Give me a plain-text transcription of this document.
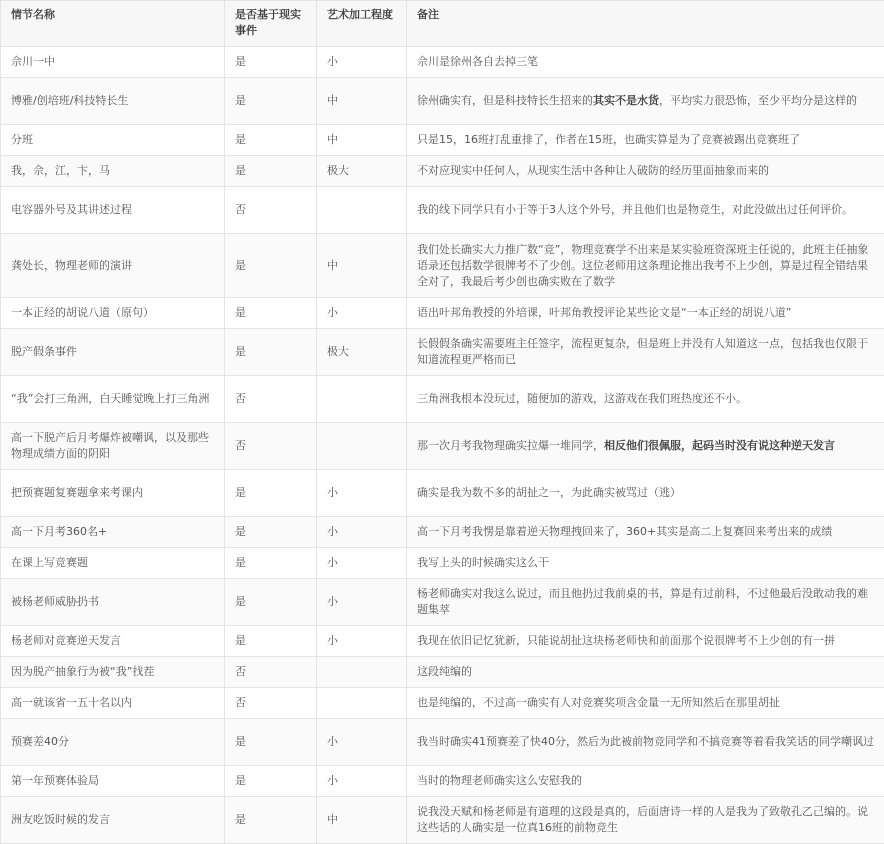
情节名称	是否基于现实事件	艺术加工程度	备注
佘川一中	是	小	佘川是徐州各自去掉三笔
博雅/创培班/科技特长生	是	中	徐州确实有，但是科技特长生招来的其实不是水货，平均实力很恐怖，至少平均分是这样的
分班	是	中	只是15，16班打乱重排了，作者在15班，也确实算是为了竞赛被踢出竞赛班了
我，佘，江，卞，马	是	极大	不对应现实中任何人，从现实生活中各种让人破防的经历里面抽象而来的
电容器外号及其讲述过程	否		我的线下同学只有小于等于3人这个外号，并且他们也是物竞生，对此没做出过任何评价。
龚处长，物理老师的演讲	是	中	我们处长确实大力推广数“竞”，物理竞赛学不出来是某实验班资深班主任说的，此班主任抽象语录还包括数学很牌考不了少创。这位老师用这条理论推出我考不上少创，算是过程全错结果全对了，我最后考少创也确实败在了数学
一本正经的胡说八道（原句）	是	小	语出叶邦角教授的外培课，叶邦角教授评论某些论文是“一本正经的胡说八道”
脱产假条事件	是	极大	长假假条确实需要班主任签字，流程更复杂，但是班上并没有人知道这一点，包括我也仅限于知道流程更严格而已
“我”会打三角洲，白天睡觉晚上打三角洲	否		三角洲我根本没玩过，随便加的游戏，这游戏在我们班热度还不小。
高一下脱产后月考爆炸被嘲讽，以及那些物理成绩方面的阴阳	否		那一次月考我物理确实拉爆一堆同学，相反他们很佩服，起码当时没有说这种逆天发言
把预赛题复赛题拿来考课内	是	小	确实是我为数不多的胡扯之一，为此确实被骂过（逃）
高一下月考360名+	是	小	高一下月考我愣是靠着逆天物理拽回来了，360+其实是高二上复赛回来考出来的成绩
在课上写竞赛题	是	小	我写上头的时候确实这么干
被杨老师威胁扔书	是	小	杨老师确实对我这么说过，而且他扔过我前桌的书，算是有过前科，不过他最后没敢动我的难题集萃
杨老师对竞赛逆天发言	是	小	我现在依旧记忆犹新，只能说胡扯这块杨老师快和前面那个说很牌考不上少创的有一拼
因为脱产抽象行为被“我”找茬	否		这段纯编的
高一就该省一五十名以内	否		也是纯编的，不过高一确实有人对竞赛奖项含金量一无所知然后在那里胡扯
预赛差40分	是	小	我当时确实41预赛差了快40分，然后为此被前物竞同学和不搞竞赛等着看我笑话的同学嘲讽过
第一年预赛体验局	是	小	当时的物理老师确实这么安慰我的
洲友吃饭时候的发言	是	中	说我没天赋和杨老师是有道理的这段是真的，后面唐诗一样的人是我为了致敬孔乙己编的。说这些话的人确实是一位真16班的前物竞生
